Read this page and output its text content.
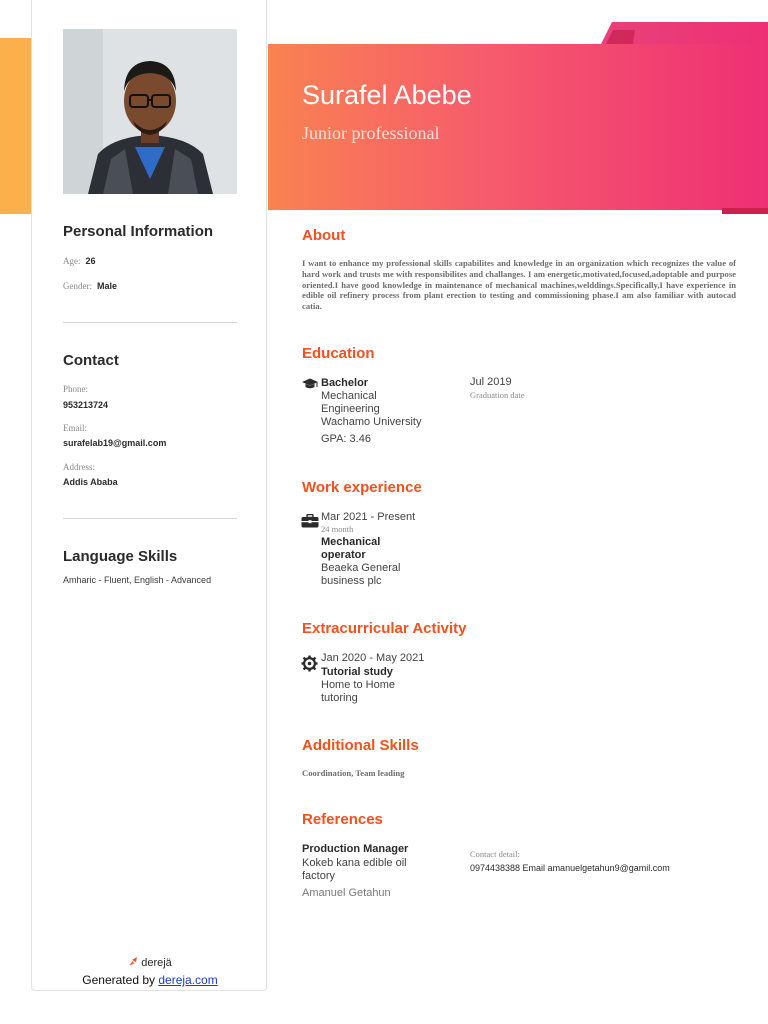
Personal Information
Age: 26
Gender: Male
Contact
Phone:
953213724
Email:
surafelab19@gmail.com
Address:
Addis Ababa
Language Skills
Amharic - Fluent, English - Advanced
derejä
Generated by dereja.com
Surafel Abebe
Junior professional
About
I want to enhance my professional skills capabilites and knowledge in an organization which recognizes the value of hard work and trusts me with responsibilites and challanges. I am energetic,motivated,focused,adoptable and purpose oriented.I have good knowledge in maintenance of mechanical machines,welddings.Specifically,I have experience in edible oil refinery process from plant erection to testing and commissioning phase.I am also familiar with autocad catia.
Education
Bachelor
Mechanical
Engineering
Wachamo University
GPA: 3.46
Jul 2019
Graduation date
Work experience
Mar 2021 - Present
24 month
Mechanical
operator
Beaeka General
business plc
Extracurricular Activity
Jan 2020 - May 2021
Tutorial study
Home to Home
tutoring
Additional Skills
Coordination, Team leading
References
Production Manager
Kokeb kana edible oil
factory
Amanuel Getahun
Contact detail:
0974438388 Email amanuelgetahun9@gamil.com
